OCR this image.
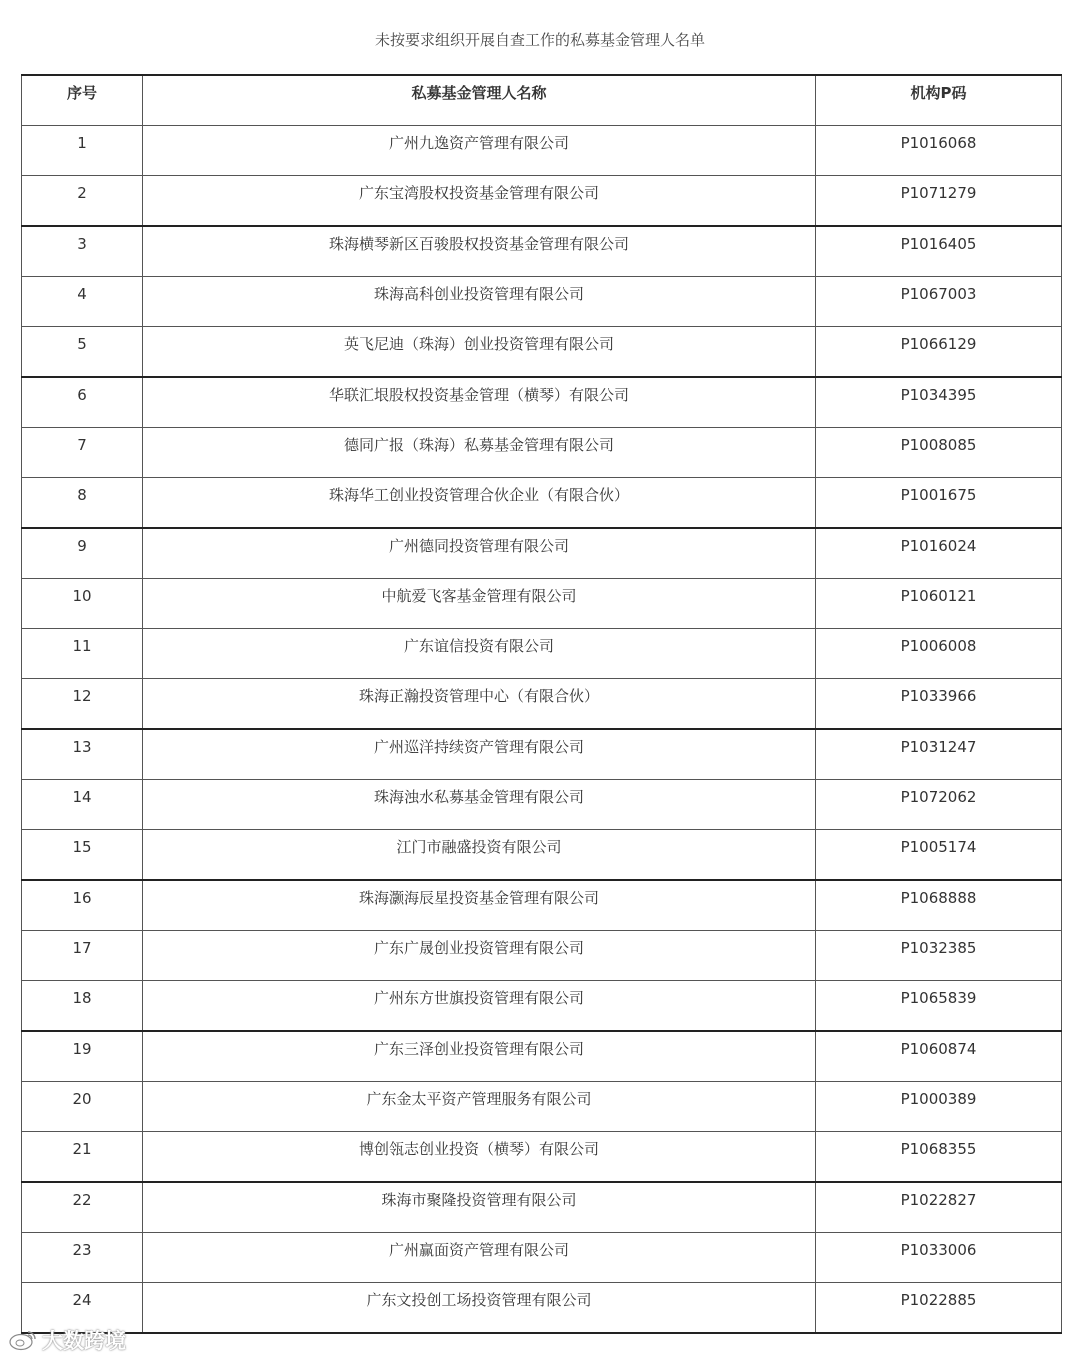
未按要求组织开展自查工作的私募基金管理人名单
序号	私募基金管理人名称	机构P码

1	广州九逸资产管理有限公司	P1016068

2	广东宝湾股权投资基金管理有限公司	P1071279

3	珠海横琴新区百骏股权投资基金管理有限公司	P1016405

4	珠海高科创业投资管理有限公司	P1067003

5	英飞尼迪（珠海）创业投资管理有限公司	P1066129

6	华联汇垠股权投资基金管理（横琴）有限公司	P1034395

7	德同广报（珠海）私募基金管理有限公司	P1008085

8	珠海华工创业投资管理合伙企业（有限合伙）	P1001675

9	广州德同投资管理有限公司	P1016024

10	中航爱飞客基金管理有限公司	P1060121

11	广东谊信投资有限公司	P1006008

12	珠海正瀚投资管理中心（有限合伙）	P1033966

13	广州巡洋持续资产管理有限公司	P1031247

14	珠海浊水私募基金管理有限公司	P1072062

15	江门市融盛投资有限公司	P1005174

16	珠海灏海辰星投资基金管理有限公司	P1068888

17	广东广晟创业投资管理有限公司	P1032385

18	广州东方世旗投资管理有限公司	P1065839

19	广东三泽创业投资管理有限公司	P1060874

20	广东金太平资产管理服务有限公司	P1000389

21	博创瓴志创业投资（横琴）有限公司	P1068355

22	珠海市聚隆投资管理有限公司	P1022827

23	广州赢面资产管理有限公司	P1033006

24	广东文投创工场投资管理有限公司	P1022885
大数跨境
